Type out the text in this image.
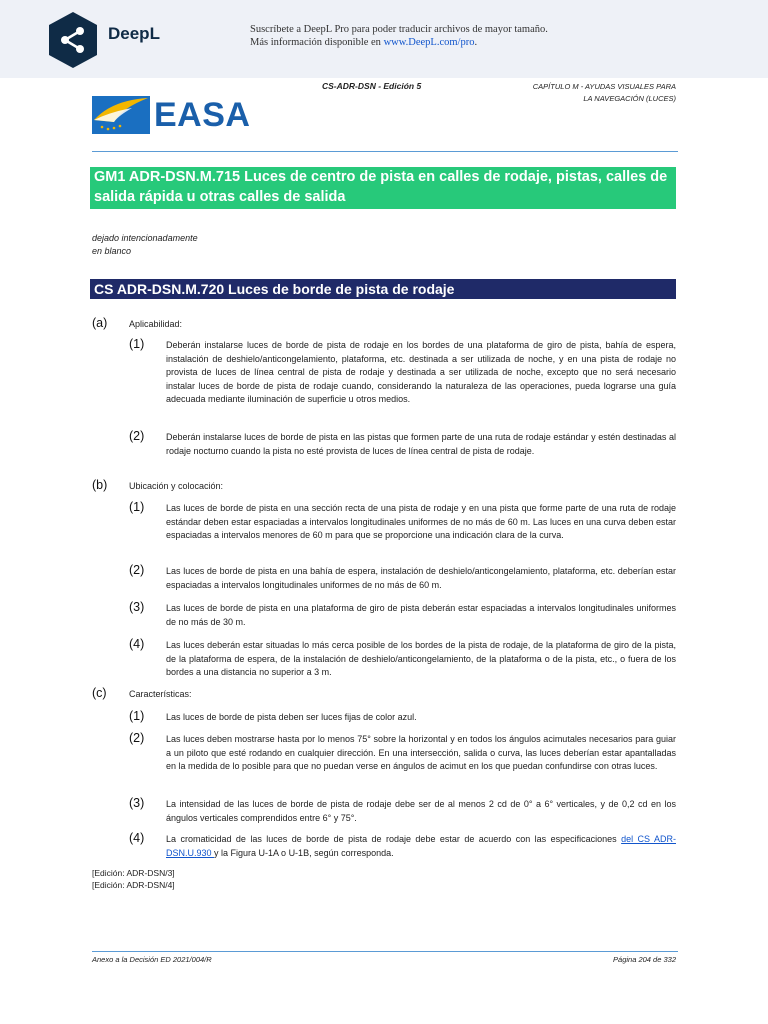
DeepL	Suscríbete a DeepL Pro para poder traducir archivos de mayor tamaño.
Más información disponible en www.DeepL.com/pro.
CS-ADR-DSN - Edición 5	CAPÍTULO M - AYUDAS VISUALES PARA
LA NAVEGACIÓN (LUCES)
EASA
GM1 ADR-DSN.M.715 Luces de centro de pista en calles de rodaje, pistas, calles de salida rápida u otras calles de salida
dejado intencionadamente
en blanco
CS ADR-DSN.M.720 Luces de borde de pista de rodaje
(a) Aplicabilidad:
(1) Deberán instalarse luces de borde de pista de rodaje en los bordes de una plataforma de giro de pista, bahía de espera, instalación de deshielo/anticongelamiento, plataforma, etc. destinada a ser utilizada de noche, y en una pista de rodaje no provista de luces de línea central de pista de rodaje y destinada a ser utilizada de noche, excepto que no será necesario instalar luces de borde de pista de rodaje cuando, considerando la naturaleza de las operaciones, pueda lograrse una guía adecuada mediante iluminación de superficie u otros medios.
(2) Deberán instalarse luces de borde de pista en las pistas que formen parte de una ruta de rodaje estándar y estén destinadas al rodaje nocturno cuando la pista no esté provista de luces de línea central de pista de rodaje.
(b) Ubicación y colocación:
(1) Las luces de borde de pista en una sección recta de una pista de rodaje y en una pista que forme parte de una ruta de rodaje estándar deben estar espaciadas a intervalos longitudinales uniformes de no más de 60 m. Las luces en una curva deben estar espaciadas a intervalos menores de 60 m para que se proporcione una indicación clara de la curva.
(2) Las luces de borde de pista en una bahía de espera, instalación de deshielo/anticongelamiento, plataforma, etc. deberían estar espaciadas a intervalos longitudinales uniformes de no más de 60 m.
(3) Las luces de borde de pista en una plataforma de giro de pista deberán estar espaciadas a intervalos longitudinales uniformes de no más de 30 m.
(4) Las luces deberán estar situadas lo más cerca posible de los bordes de la pista de rodaje, de la plataforma de giro de la pista, de la plataforma de espera, de la instalación de deshielo/anticongelamiento, de la plataforma o de la pista, etc., o fuera de los bordes a una distancia no superior a 3 m.
(c) Características:
(1) Las luces de borde de pista deben ser luces fijas de color azul.
(2) Las luces deben mostrarse hasta por lo menos 75° sobre la horizontal y en todos los ángulos acimutales necesarios para guiar a un piloto que esté rodando en cualquier dirección. En una intersección, salida o curva, las luces deberían estar apantalladas en la medida de lo posible para que no puedan verse en ángulos de acimut en los que puedan confundirse con otras luces.
(3) La intensidad de las luces de borde de pista de rodaje debe ser de al menos 2 cd de 0° a 6° verticales, y de 0,2 cd en los ángulos verticales comprendidos entre 6° y 75°.
(4) La cromaticidad de las luces de borde de pista de rodaje debe estar de acuerdo con las especificaciones del CS ADR-DSN.U.930 y la Figura U-1A o U-1B, según corresponda.
[Edición: ADR-DSN/3]
[Edición: ADR-DSN/4]
Anexo a la Decisión ED 2021/004/R	Página 204 de 332
